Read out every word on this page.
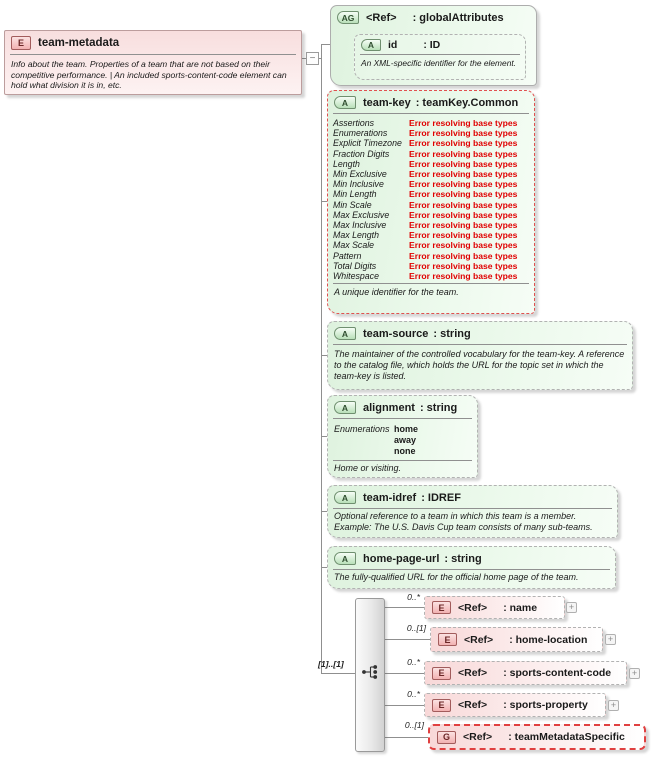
E	team-metadata
Info about the team. Properties of a team that are not based on their competitive performance. | An included sports-content-code element can hold what division it is in, etc.
−
AG	<Ref> : globalAttributes
A	id : ID
An XML-specific identifier for the element.
A	team-key : teamKey.Common
Assertions	Error resolving base types
Enumerations	Error resolving base types
Explicit Timezone Error resolving base types
Fraction Digits	Error resolving base types
Length	Error resolving base types
Min Exclusive	Error resolving base types
Min Inclusive	Error resolving base types
Min Length	Error resolving base types
Min Scale	Error resolving base types
Max Exclusive	Error resolving base types
Max Inclusive	Error resolving base types
Max Length	Error resolving base types
Max Scale	Error resolving base types
Pattern	Error resolving base types
Total Digits	Error resolving base types
Whitespace	Error resolving base types
A unique identifier for the team.
A	team-source : string
The maintainer of the controlled vocabulary for the team-key. A reference to the catalog file, which holds the URL for the topic set in which the team-key is listed.
A	alignment : string
Enumerations home
away
none
Home or visiting.
A	team-idref : IDREF
Optional reference to a team in which this team is a member. Example: The U.S. Davis Cup team consists of many sub-teams.
A	home-page-url : string
The fully-qualified URL for the official home page of the team.
[1]..[1]
0..*
E	<Ref> : name	+
0..[1]
E	<Ref> : home-location	+
0..*
E	<Ref> : sports-content-code	+
0..*
E	<Ref> : sports-property	+
0..[1]
G	<Ref> : teamMetadataSpecific
